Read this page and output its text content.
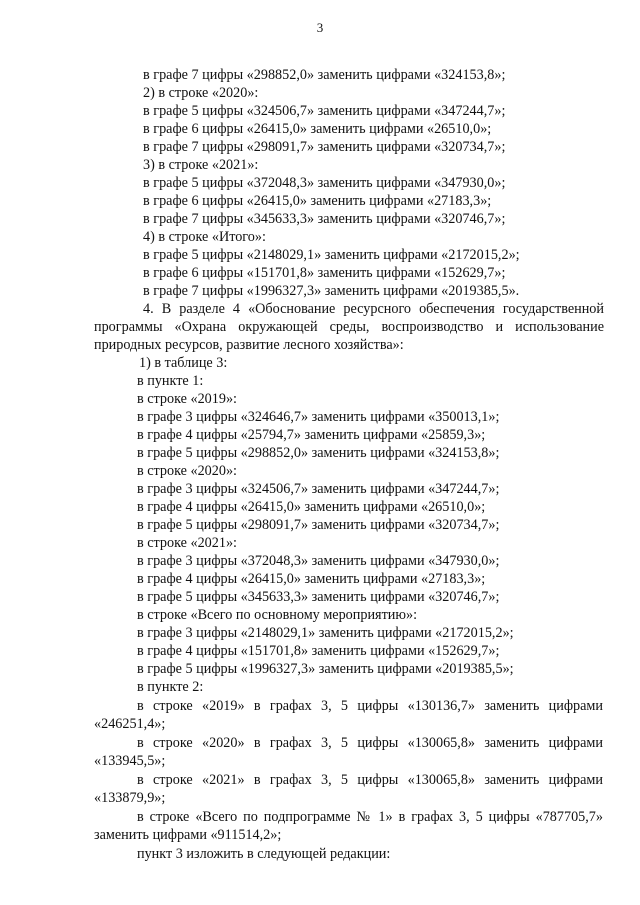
3
в графе 7 цифры «298852,0» заменить цифрами «324153,8»;
2) в строке «2020»:
в графе 5 цифры «324506,7» заменить цифрами «347244,7»;
в графе 6 цифры «26415,0» заменить цифрами «26510,0»;
в графе 7 цифры «298091,7» заменить цифрами «320734,7»;
3) в строке «2021»:
в графе 5 цифры «372048,3» заменить цифрами «347930,0»;
в графе 6 цифры «26415,0» заменить цифрами «27183,3»;
в графе 7 цифры «345633,3» заменить цифрами «320746,7»;
4) в строке «Итого»:
в графе 5 цифры «2148029,1» заменить цифрами «2172015,2»;
в графе 6 цифры «151701,8» заменить цифрами «152629,7»;
в графе 7 цифры «1996327,3» заменить цифрами «2019385,5».
4. В разделе 4 «Обоснование ресурсного обеспечения государственной
программы «Охрана окружающей среды, воспроизводство и использование
природных ресурсов, развитие лесного хозяйства»:
1) в таблице 3:
в пункте 1:
в строке «2019»:
в графе 3 цифры «324646,7» заменить цифрами «350013,1»;
в графе 4 цифры «25794,7» заменить цифрами «25859,3»;
в графе 5 цифры «298852,0» заменить цифрами «324153,8»;
в строке «2020»:
в графе 3 цифры «324506,7» заменить цифрами «347244,7»;
в графе 4 цифры «26415,0» заменить цифрами «26510,0»;
в графе 5 цифры «298091,7» заменить цифрами «320734,7»;
в строке «2021»:
в графе 3 цифры «372048,3» заменить цифрами «347930,0»;
в графе 4 цифры «26415,0» заменить цифрами «27183,3»;
в графе 5 цифры «345633,3» заменить цифрами «320746,7»;
в строке «Всего по основному мероприятию»:
в графе 3 цифры «2148029,1» заменить цифрами «2172015,2»;
в графе 4 цифры «151701,8» заменить цифрами «152629,7»;
в графе 5 цифры «1996327,3» заменить цифрами «2019385,5»;
в пункте 2:
в строке «2019» в графах 3, 5 цифры «130136,7» заменить цифрами
«246251,4»;
в строке «2020» в графах 3, 5 цифры «130065,8» заменить цифрами
«133945,5»;
в строке «2021» в графах 3, 5 цифры «130065,8» заменить цифрами
«133879,9»;
в строке «Всего по подпрограмме № 1» в графах 3, 5 цифры «787705,7»
заменить цифрами «911514,2»;
пункт 3 изложить в следующей редакции:
